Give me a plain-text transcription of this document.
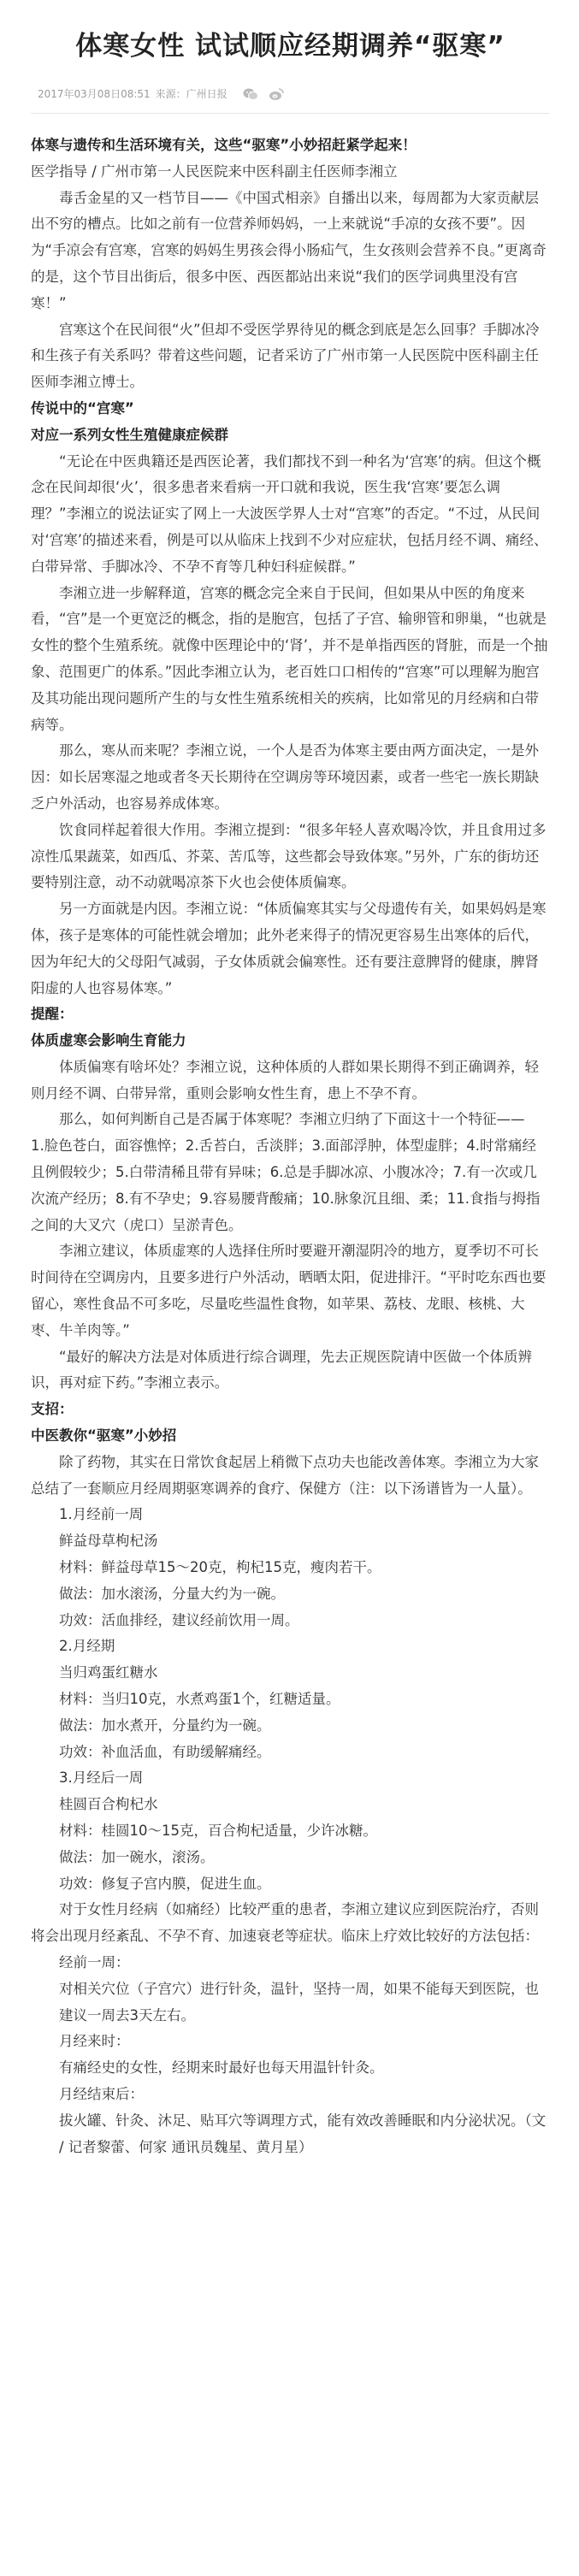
体寒女性 试试顺应经期调养“驱寒”
2017年03月08日08:51 来源：广州日报

体寒与遗传和生活环境有关，这些“驱寒”小妙招赶紧学起来！

医学指导 / 广州市第一人民医院来中医科副主任医师李湘立

毒舌金星的又一档节目——《中国式相亲》自播出以来，每周都为大家贡献层出不穷的槽点。比如之前有一位营养师妈妈，一上来就说“手凉的女孩不要”。因为“手凉会有宫寒，宫寒的妈妈生男孩会得小肠疝气，生女孩则会营养不良。”更离奇的是，这个节目出街后，很多中医、西医都站出来说“我们的医学词典里没有宫寒！”

宫寒这个在民间很“火”但却不受医学界待见的概念到底是怎么回事？手脚冰冷和生孩子有关系吗？带着这些问题，记者采访了广州市第一人民医院中医科副主任医师李湘立博士。

传说中的“宫寒”

对应一系列女性生殖健康症候群

“无论在中医典籍还是西医论著，我们都找不到一种名为‘宫寒’的病。但这个概念在民间却很‘火’，很多患者来看病一开口就和我说，医生我‘宫寒’要怎么调理？”李湘立的说法证实了网上一大波医学界人士对“宫寒”的否定。“不过，从民间对‘宫寒’的描述来看，例是可以从临床上找到不少对应症状，包括月经不调、痛经、白带异常、手脚冰冷、不孕不育等几种妇科症候群。”

李湘立进一步解释道，宫寒的概念完全来自于民间，但如果从中医的角度来看，“宫”是一个更宽泛的概念，指的是胞宫，包括了子宫、输卵管和卵巢，“也就是女性的整个生殖系统。就像中医理论中的‘肾’，并不是单指西医的肾脏，而是一个抽象、范围更广的体系。”因此李湘立认为，老百姓口口相传的“宫寒”可以理解为胞宫及其功能出现问题所产生的与女性生殖系统相关的疾病，比如常见的月经病和白带病等。

那么，寒从而来呢？李湘立说，一个人是否为体寒主要由两方面决定，一是外因：如长居寒湿之地或者冬天长期待在空调房等环境因素，或者一些宅一族长期缺乏户外活动，也容易养成体寒。

饮食同样起着很大作用。李湘立提到：“很多年轻人喜欢喝冷饮，并且食用过多凉性瓜果蔬菜，如西瓜、芥菜、苦瓜等，这些都会导致体寒。”另外，广东的街坊还要特别注意，动不动就喝凉茶下火也会使体质偏寒。

另一方面就是内因。李湘立说：“体质偏寒其实与父母遗传有关，如果妈妈是寒体，孩子是寒体的可能性就会增加；此外老来得子的情况更容易生出寒体的后代，因为年纪大的父母阳气减弱，子女体质就会偏寒性。还有要注意脾肾的健康，脾肾阳虚的人也容易体寒。”

提醒：

体质虚寒会影响生育能力

体质偏寒有啥坏处？李湘立说，这种体质的人群如果长期得不到正确调养，轻则月经不调、白带异常，重则会影响女性生育，患上不孕不育。

那么，如何判断自己是否属于体寒呢？李湘立归纳了下面这十一个特征——

1.脸色苍白，面容憔悴；2.舌苔白，舌淡胖；3.面部浮肿，体型虚胖；4.时常痛经且例假较少；5.白带清稀且带有异味；6.总是手脚冰凉、小腹冰冷；7.有一次或几次流产经历；8.有不孕史；9.容易腰背酸痛；10.脉象沉且细、柔；11.食指与拇指之间的大叉穴（虎口）呈淤青色。

李湘立建议，体质虚寒的人选择住所时要避开潮湿阴冷的地方，夏季切不可长时间待在空调房内，且要多进行户外活动，晒晒太阳，促进排汗。“平时吃东西也要留心，寒性食品不可多吃，尽量吃些温性食物，如苹果、荔枝、龙眼、核桃、大枣、牛羊肉等。”

“最好的解决方法是对体质进行综合调理，先去正规医院请中医做一个体质辨识，再对症下药。”李湘立表示。

支招：

中医教你“驱寒”小妙招

除了药物，其实在日常饮食起居上稍微下点功夫也能改善体寒。李湘立为大家总结了一套顺应月经周期驱寒调养的食疗、保健方（注：以下汤谱皆为一人量）。

1.月经前一周

鲜益母草枸杞汤

材料：鲜益母草15～20克，枸杞15克，瘦肉若干。

做法：加水滚汤，分量大约为一碗。

功效：活血排经，建议经前饮用一周。

2.月经期

当归鸡蛋红糖水

材料：当归10克，水煮鸡蛋1个，红糖适量。

做法：加水煮开，分量约为一碗。

功效：补血活血，有助缓解痛经。

3.月经后一周

桂圆百合枸杞水

材料：桂圆10～15克，百合枸杞适量，少许冰糖。

做法：加一碗水，滚汤。

功效：修复子宫内膜，促进生血。

对于女性月经病（如痛经）比较严重的患者，李湘立建议应到医院治疗，否则将会出现月经紊乱、不孕不育、加速衰老等症状。临床上疗效比较好的方法包括：

经前一周：

对相关穴位（子宫穴）进行针灸，温针，坚持一周，如果不能每天到医院，也建议一周去3天左右。

月经来时：

有痛经史的女性，经期来时最好也每天用温针针灸。

月经结束后：

拔火罐、针灸、沐足、贴耳穴等调理方式，能有效改善睡眠和内分泌状况。（文 / 记者黎蕾、何家 通讯员魏星、黄月星）
